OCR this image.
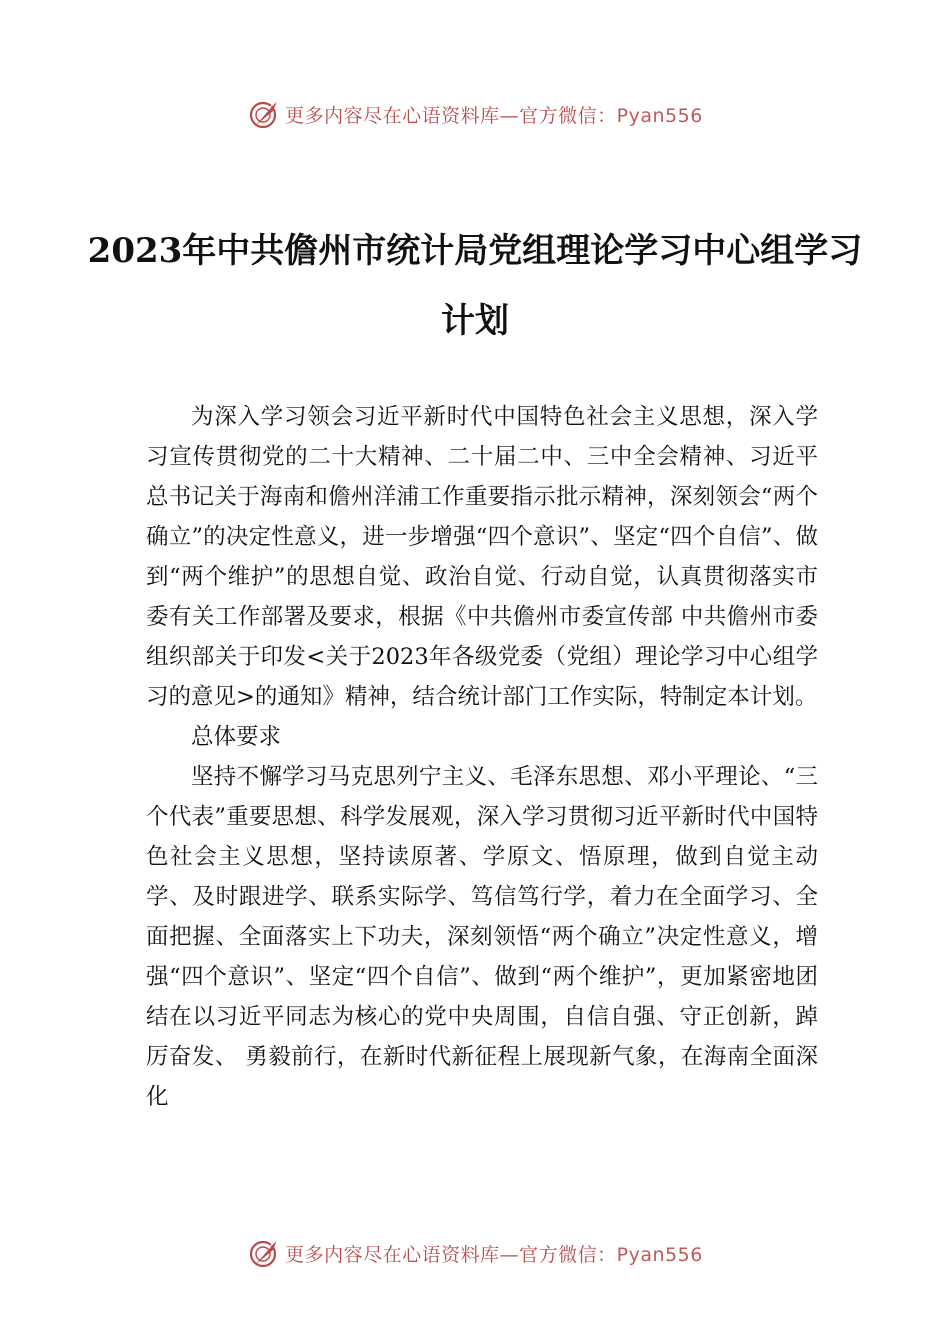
更多内容尽在心语资料库—官方微信：Pyan556
2023年中共儋州市统计局党组理论学习中心组学习计划

为深入学习领会习近平新时代中国特色社会主义思想，深入学习宣传贯彻党的二十大精神、二十届二中、三中全会精神、习近平总书记关于海南和儋州洋浦工作重要指示批示精神，深刻领会“两个确立”的决定性意义，进一步增强“四个意识”、坚定“四个自信”、做到“两个维护”的思想自觉、政治自觉、行动自觉，认真贯彻落实市委有关工作部署及要求，根据《中共儋州市委宣传部 中共儋州市委组织部关于印发<关于2023年各级党委（党组）理论学习中心组学习的意见>的通知》精神，结合统计部门工作实际，特制定本计划。

总体要求

坚持不懈学习马克思列宁主义、毛泽东思想、邓小平理论、“三个代表”重要思想、科学发展观，深入学习贯彻习近平新时代中国特色社会主义思想，坚持读原著、学原文、悟原理，做到自觉主动学、及时跟进学、联系实际学、笃信笃行学，着力在全面学习、全面把握、全面落实上下功夫，深刻领悟“两个确立”决定性意义，增强“四个意识”、坚定“四个自信”、做到“两个维护”，更加紧密地团结在以习近平同志为核心的党中央周围，自信自强、守正创新，踔厉奋发、 勇毅前行，在新时代新征程上展现新气象，在海南全面深化

更多内容尽在心语资料库—官方微信：Pyan556
